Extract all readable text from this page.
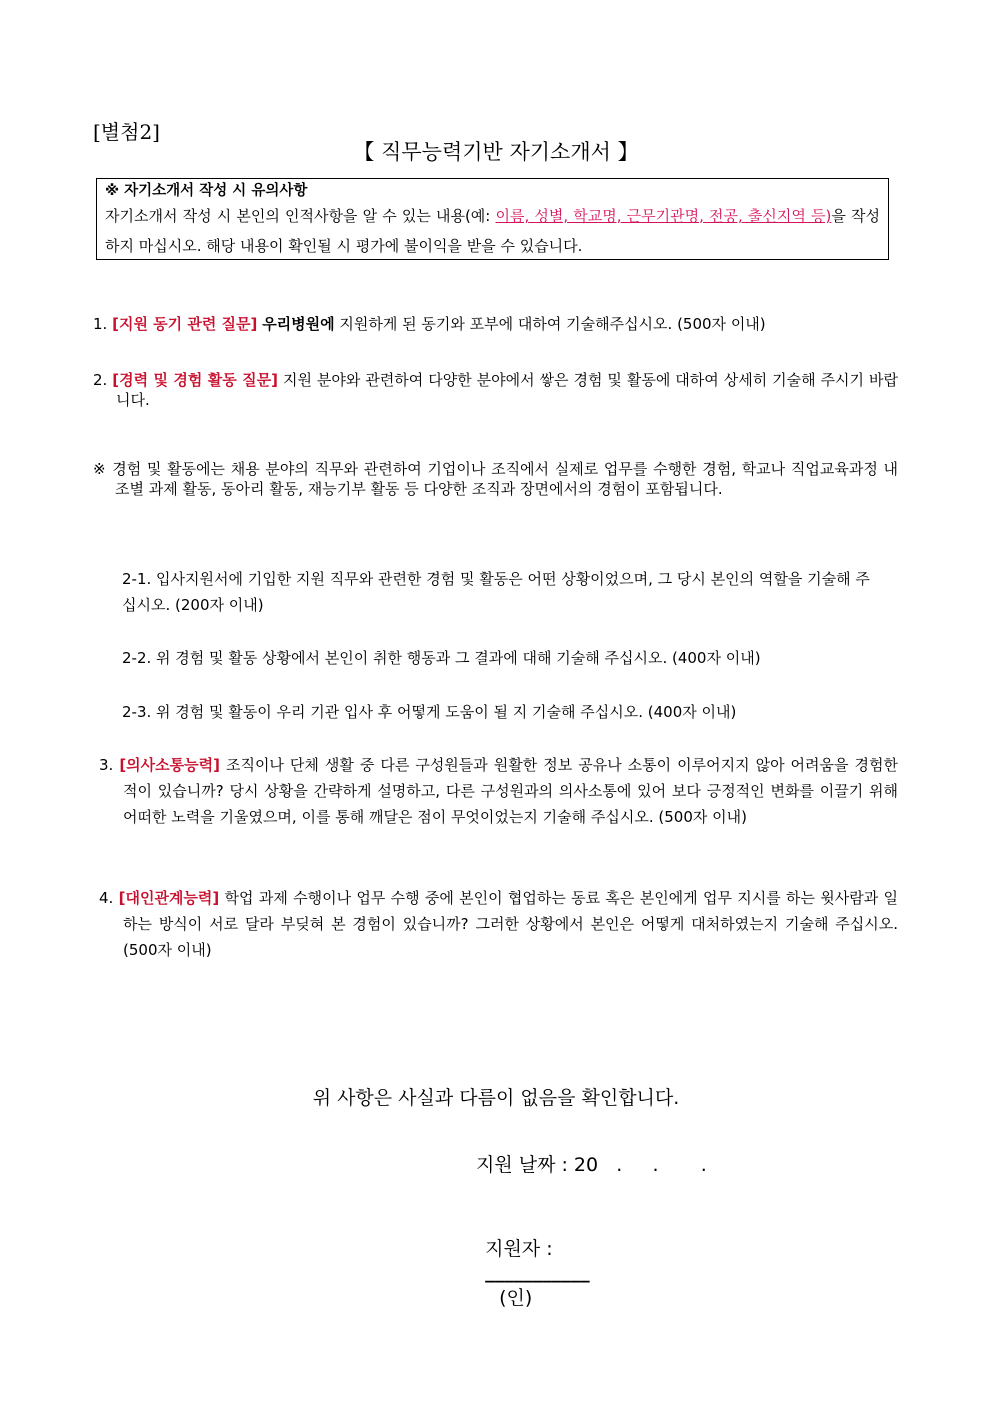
[별첨2]
【 직무능력기반 자기소개서 】
※ 자기소개서 작성 시 유의사항
자기소개서 작성 시 본인의 인적사항을 알 수 있는 내용(예: 이름, 성별, 학교명, 근무기관명, 전공, 출신지역 등)을 작성하지 마십시오. 해당 내용이 확인될 시 평가에 불이익을 받을 수 있습니다.
1. [지원 동기 관련 질문] 우리병원에 지원하게 된 동기와 포부에 대하여 기술해주십시오. (500자 이내)
2. [경력 및 경험 활동 질문] 지원 분야와 관련하여 다양한 분야에서 쌓은 경험 및 활동에 대하여 상세히 기술해 주시기 바랍니다.
※ 경험 및 활동에는 채용 분야의 직무와 관련하여 기업이나 조직에서 실제로 업무를 수행한 경험, 학교나 직업교육과정 내 조별 과제 활동, 동아리 활동, 재능기부 활동 등 다양한 조직과 장면에서의 경험이 포함됩니다.
2-1. 입사지원서에 기입한 지원 직무와 관련한 경험 및 활동은 어떤 상황이었으며, 그 당시 본인의 역할을 기술해 주십시오. (200자 이내)
2-2. 위 경험 및 활동 상황에서 본인이 취한 행동과 그 결과에 대해 기술해 주십시오. (400자 이내)
2-3. 위 경험 및 활동이 우리 기관 입사 후 어떻게 도움이 될 지 기술해 주십시오. (400자 이내)
3. [의사소통능력] 조직이나 단체 생활 중 다른 구성원들과 원활한 정보 공유나 소통이 이루어지지 않아 어려움을 경험한 적이 있습니까? 당시 상황을 간략하게 설명하고, 다른 구성원과의 의사소통에 있어 보다 긍정적인 변화를 이끌기 위해 어떠한 노력을 기울였으며, 이를 통해 깨달은 점이 무엇이었는지 기술해 주십시오. (500자 이내)
4. [대인관계능력] 학업 과제 수행이나 업무 수행 중에 본인이 협업하는 동료 혹은 본인에게 업무 지시를 하는 윗사람과 일하는 방식이 서로 달라 부딪혀 본 경험이 있습니까? 그러한 상황에서 본인은 어떻게 대처하였는지 기술해 주십시오. (500자 이내)
위 사항은 사실과 다름이 없음을 확인합니다.
지원 날짜 : 20   .     .       .

지원자 :
___________
(인)
